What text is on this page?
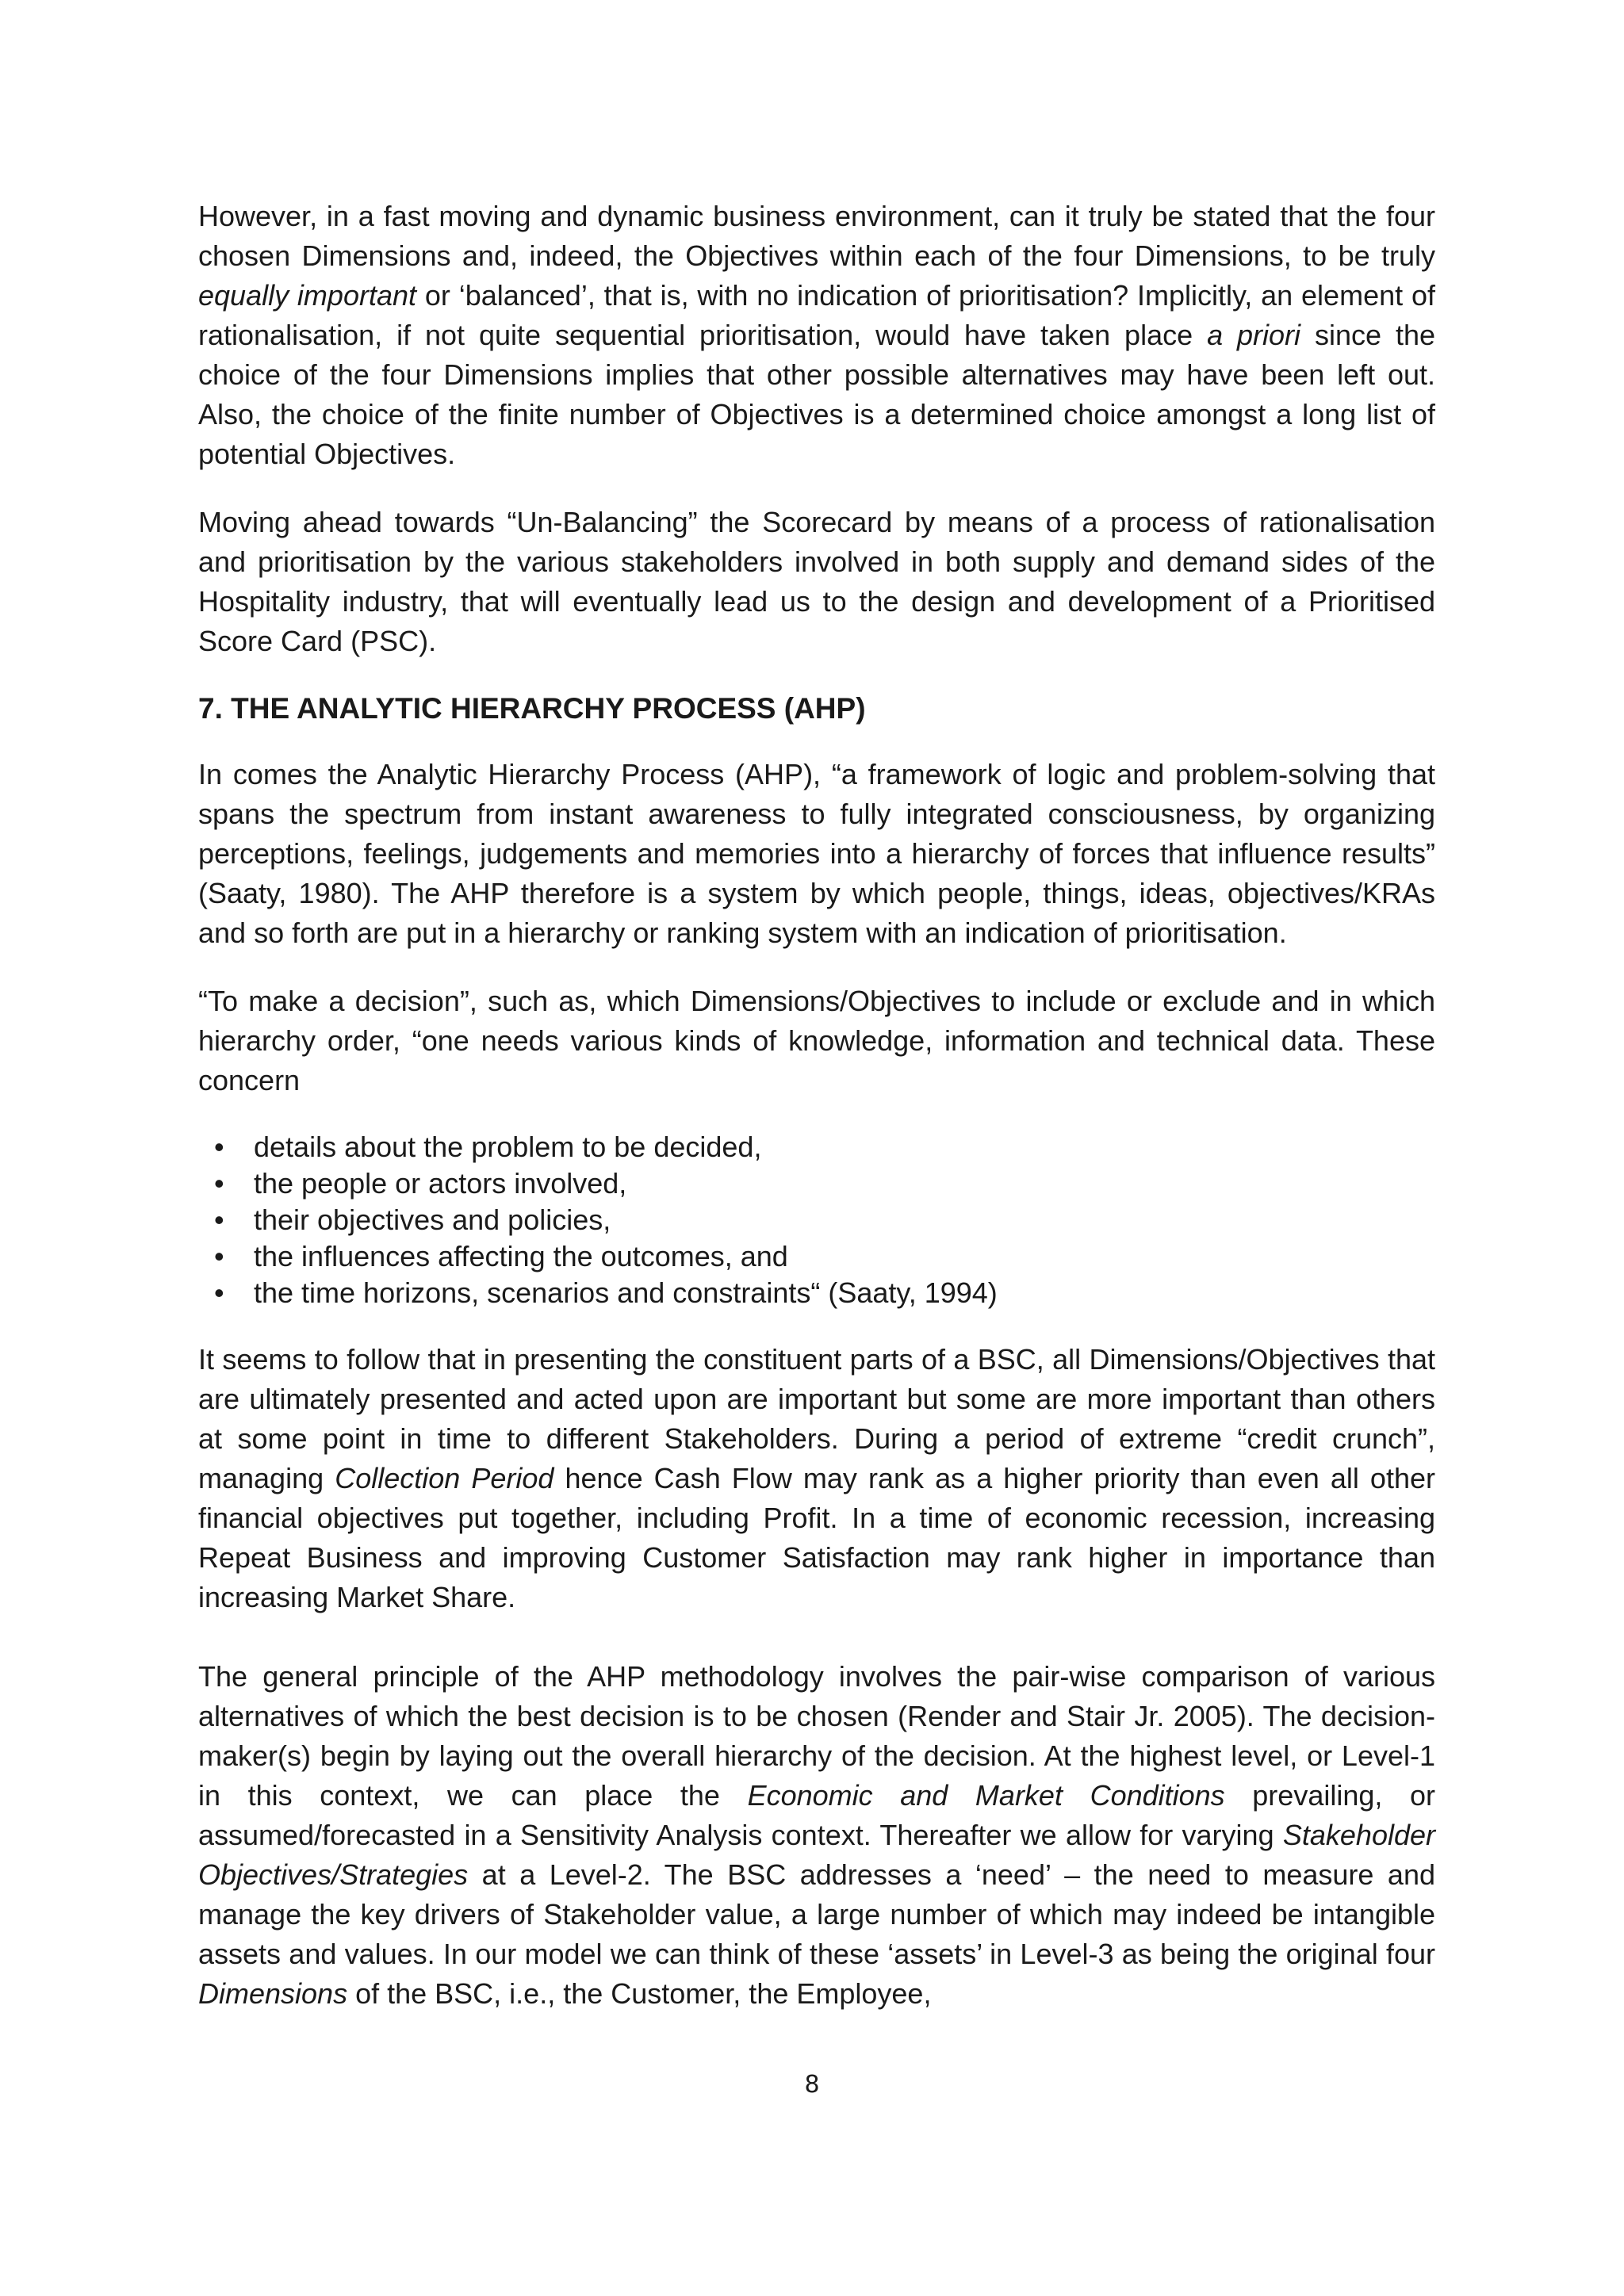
However, in a fast moving and dynamic business environment, can it truly be stated that the four chosen Dimensions and, indeed, the Objectives within each of the four Dimensions, to be truly equally important or ‘balanced’, that is, with no indication of prioritisation? Implicitly, an element of rationalisation, if not quite sequential prioritisation, would have taken place a priori since the choice of the four Dimensions implies that other possible alternatives may have been left out. Also, the choice of the finite number of Objectives is a determined choice amongst a long list of potential Objectives.

Moving ahead towards “Un-Balancing” the Scorecard by means of a process of rationalisation and prioritisation by the various stakeholders involved in both supply and demand sides of the Hospitality industry, that will eventually lead us to the design and development of a Prioritised Score Card (PSC).

7. THE ANALYTIC HIERARCHY PROCESS (AHP)

In comes the Analytic Hierarchy Process (AHP), “a framework of logic and problem-solving that spans the spectrum from instant awareness to fully integrated consciousness, by organizing perceptions, feelings, judgements and memories into a hierarchy of forces that influence results” (Saaty, 1980). The AHP therefore is a system by which people, things, ideas, objectives/KRAs and so forth are put in a hierarchy or ranking system with an indication of prioritisation.

“To make a decision”, such as, which Dimensions/Objectives to include or exclude and in which hierarchy order, “one needs various kinds of knowledge, information and technical data. These concern

• details about the problem to be decided,
• the people or actors involved,
• their objectives and policies,
• the influences affecting the outcomes, and
• the time horizons, scenarios and constraints“ (Saaty, 1994)

It seems to follow that in presenting the constituent parts of a BSC, all Dimensions/Objectives that are ultimately presented and acted upon are important but some are more important than others at some point in time to different Stakeholders. During a period of extreme “credit crunch”, managing Collection Period hence Cash Flow may rank as a higher priority than even all other financial objectives put together, including Profit. In a time of economic recession, increasing Repeat Business and improving Customer Satisfaction may rank higher in importance than increasing Market Share.

The general principle of the AHP methodology involves the pair-wise comparison of various alternatives of which the best decision is to be chosen (Render and Stair Jr. 2005). The decision-maker(s) begin by laying out the overall hierarchy of the decision. At the highest level, or Level-1 in this context, we can place the Economic and Market Conditions prevailing, or assumed/forecasted in a Sensitivity Analysis context. Thereafter we allow for varying Stakeholder Objectives/Strategies at a Level-2. The BSC addresses a ‘need’ – the need to measure and manage the key drivers of Stakeholder value, a large number of which may indeed be intangible assets and values. In our model we can think of these ‘assets’ in Level-3 as being the original four Dimensions of the BSC, i.e., the Customer, the Employee,

8
